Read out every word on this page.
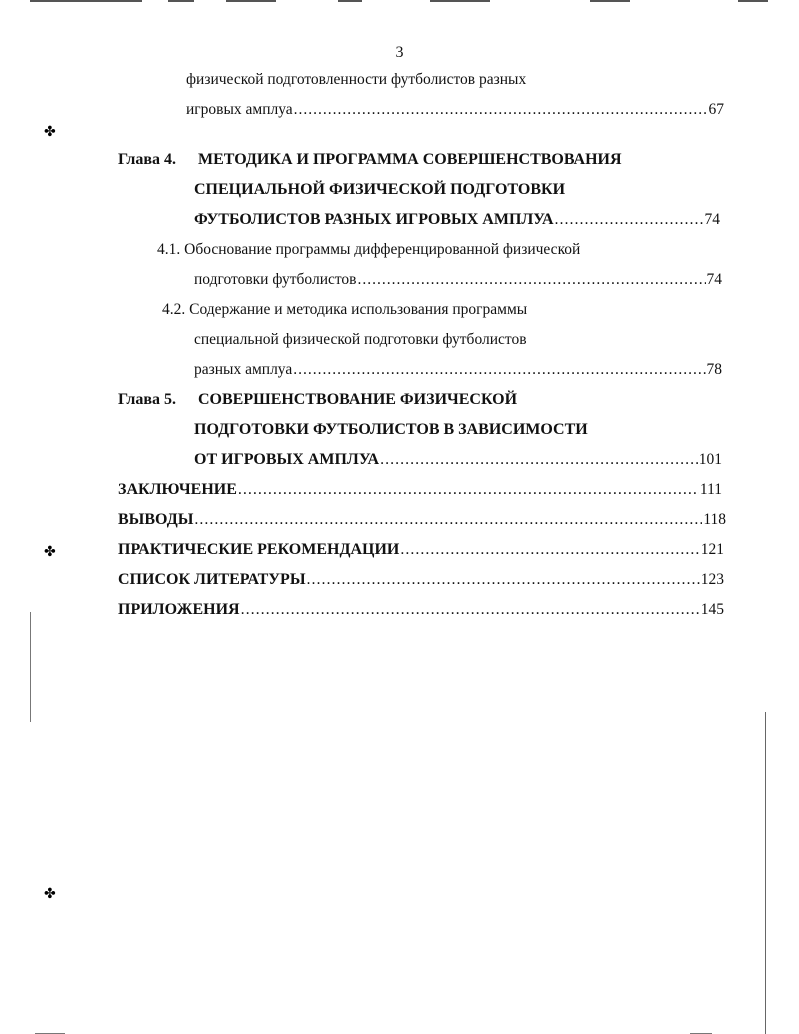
✤
✤
✤
3
физической подготовленности футболистов разных
игровых амплуа .....	67
Глава 4. МЕТОДИКА И ПРОГРАММА СОВЕРШЕНСТВОВАНИЯ
СПЕЦИАЛЬНОЙ ФИЗИЧЕСКОЙ ПОДГОТОВКИ
ФУТБОЛИСТОВ РАЗНЫХ ИГРОВЫХ АМПЛУА .....	74
4.1. Обоснование программы дифференцированной физической
подготовки футболистов .....	74
4.2. Содержание и методика использования программы
специальной физической подготовки футболистов
разных амплуа .....	78
Глава 5. СОВЕРШЕНСТВОВАНИЕ ФИЗИЧЕСКОЙ
ПОДГОТОВКИ ФУТБОЛИСТОВ В ЗАВИСИМОСТИ
ОТ ИГРОВЫХ АМПЛУА .....	101
ЗАКЛЮЧЕНИЕ .....	111
ВЫВОДЫ .....	118
ПРАКТИЧЕСКИЕ РЕКОМЕНДАЦИИ .....	121
СПИСОК ЛИТЕРАТУРЫ .....	123
ПРИЛОЖЕНИЯ .....	145
